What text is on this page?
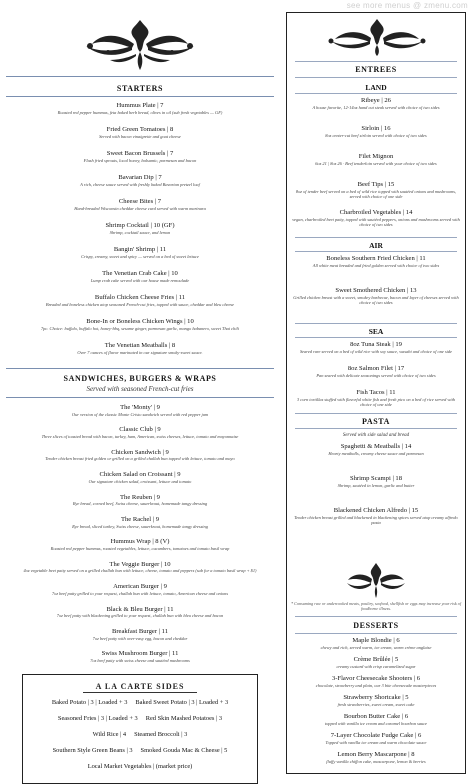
see more menus @ zmenu.com
STARTERS
Hummus Plate | 7
Roasted red pepper hummus, feta baked herb bread, olives in oil (sub fresh vegetables — GF)
Fried Green Tomatoes | 8
Served with bacon vinaigrette and goat cheese
Sweet Bacon Brussels | 7
Flash fried sprouts, local honey, balsamic, parmesan and bacon
Bavarian Dip | 7
A rich, cheese sauce served with freshly baked Bavarian pretzel loaf
Cheese Bites | 7
Hand-breaded Wisconsin cheddar cheese curd served with warm marinara
Shrimp Cocktail | 10 (GF)
Shrimp, cocktail sauce, and lemon
Bangin' Shrimp | 11
Crispy, creamy, sweet and spicy — served on a bed of sweet lettuce
The Venetian Crab Cake | 10
Lump crab cake served with our house made remoulade
Buffalo Chicken Cheese Fries | 11
Breaded and boneless chicken atop seasoned French-cut fries, topped with sauce, cheddar and bleu cheese
Bone-In or Boneless Chicken Wings | 10
7pc. Choice: buffalo, buffalo hot, honey-bbq, sesame ginger, parmesan garlic, mango habanero, sweet Thai chili
The Venetian Meatballs | 8
Over 7 ounces of flavor marinated in our signature smoky-sweet sauce.
SANDWICHES, BURGERS & WRAPS
Served with seasoned French-cut fries
The 'Monty' | 9
Our version of the classic Monte Cristo sandwich served with red pepper jam
Classic Club | 9
Three slices of toasted bread with bacon, turkey, ham, American, swiss cheeses, lettuce, tomato and mayonnaise
Chicken Sandwich | 9
Tender chicken breast fried golden or grilled on a grilled challah bun topped with lettuce, tomato and mayo
Chicken Salad on Croissant | 9
Our signature chicken salad, croissant, lettuce and tomato
The Reuben | 9
Rye bread, corned beef, Swiss cheese, sauerkraut, homemade tangy dressing
The Rachel | 9
Rye bread, sliced turkey, Swiss cheese, sauerkraut, homemade tangy dressing
Hummus Wrap | 8 (V)
Roasted red pepper hummus, roasted vegetables, lettuce, cucumbers, tomatoes and tomato basil wrap
The Veggie Burger | 10
4oz vegetable beet patty served on a grilled challah bun with lettuce, cheese, tomato and peppers (sub for a tomato basil wrap + $1)
American Burger | 9
7oz beef patty grilled to your request, challah bun with lettuce, tomato, American cheese and onions
Black & Bleu Burger | 11
7oz beef patty with blackening grilled to your request, challah bun with bleu cheese and bacon
Breakfast Burger | 11
7oz beef patty with over-easy egg, bacon and cheddar
Swiss Mushroom Burger | 11
7oz beef patty with swiss cheese and sautéed mushrooms
A LA CARTE SIDES
Baked Potato | 3 | Loaded + 3     Baked Sweet Potato | 3 | Loaded + 3
Seasoned Fries | 3 | Loaded + 3     Red Skin Mashed Potatoes | 3
Wild Rice | 4     Steamed Broccoli | 3
Southern Style Green Beans | 3     Smoked Gouda Mac & Cheese | 5
Local Market Vegetables | (market price)
ENTREES
LAND
Ribeye | 26
A house favorite, 12-14oz hand cut steak served with choice of two sides
Sirloin | 16
8oz center-cut beef sirloin served with choice of two sides
Filet Mignon
6oz 21 | 8oz 26 · Beef tenderloin served with your choice of two sides
Beef Tips | 15
8oz of tender beef served on a bed of wild rice topped with sautéed onions and mushrooms, served with choice of one side
Charbroiled Vegetables | 14
vegan, charbroiled beet patty, topped with sautéed peppers, onions and mushrooms served with choice of two sides
AIR
Boneless Southern Fried Chicken | 11
All white meat breaded and fried golden served with choice of two sides
Sweet Smothered Chicken | 13
Grilled chicken breast with a sweet, smokey barbecue, bacon and layer of cheeses served with choice of two sides
SEA
8oz Tuna Steak | 19
Seared rare served on a bed of wild rice with soy sauce, wasabi and choice of one side
8oz Salmon Filet | 17
Pan seared with delicate seasonings served with choice of two sides
Fish Tacos | 11
3 corn tortillas stuffed with flavorful white fish and fresh pico on a bed of rice served with choice of one side
PASTA
Served with side salad and bread
Spaghetti & Meatballs | 14
Hearty meatballs, creamy cheese sauce and parmesan
Shrimp Scampi | 18
Shrimp, sautéed in lemon, garlic and butter
Blackened Chicken Alfredo | 15
Tender chicken breast grilled and blackened in blackening spices served atop creamy alfredo pasta
* Consuming raw or undercooked meats, poultry, seafood, shellfish or eggs may increase your risk of foodborne illness.
DESSERTS
Maple Blondie | 6
chewy and rich, served warm, ice cream, warm crème anglaise
Crème Brûlée | 5
creamy custard with crisp caramelized sugar
3-Flavor Cheesecake Shooters | 6
chocolate, strawberry and plain, our 3 bite cheesecake masterpieces
Strawberry Shortcake | 5
fresh strawberries, sweet cream, sweet cake
Bourbon Butter Cake | 6
topped with vanilla ice cream and caramel bourbon sauce
7-Layer Chocolate Fudge Cake | 6
Topped with vanilla ice cream and warm chocolate sauce
Lemon Berry Mascarpone | 8
fluffy vanilla chiffon cake, mascarpone, lemon & berries
